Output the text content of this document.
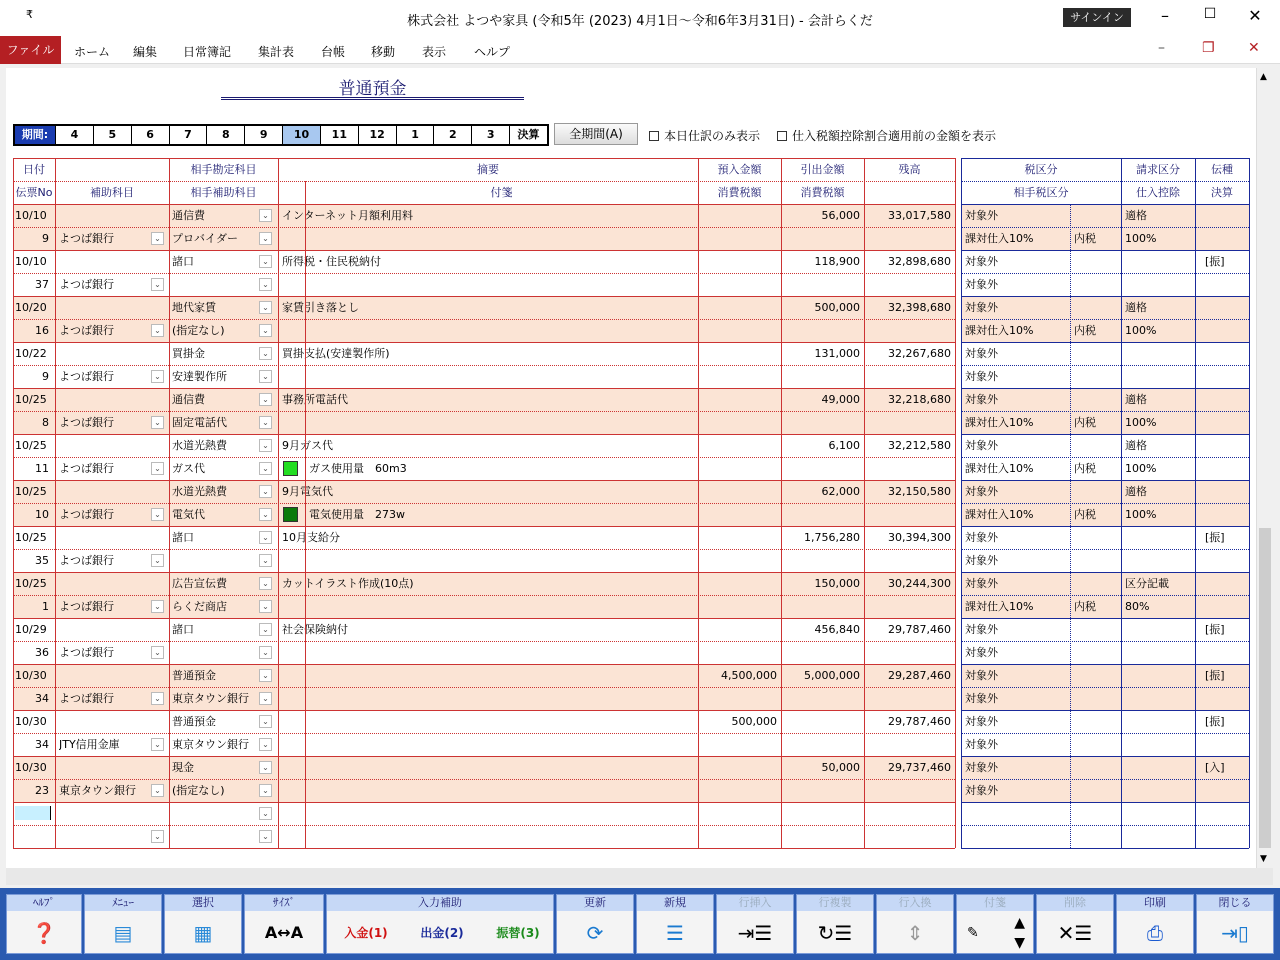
₹	株式会社 よつや家具 (令和5年 (2023) 4月1日～令和6年3月31日) - 会計らくだ	サインイン	–	☐	✕
ファイル	ホーム 編集 日常簿記 集計表 台帳 移動 表示 ヘルプ	–	❐ ✕
普通預金
期間:	4	5	6	7	8	9	10	11	12	1	2	3	決算	全期間(A)	本日仕訳のみ表示	仕入税額控除割合適用前の金額を表示
日付
伝票No	補助科目
相手勘定科目
相手補助科目
摘要
付箋
預入金額
消費税額
引出金額
消費税額
残高	税区分
相手税区分
請求区分
仕入控除
伝種
決算
10/10
9 よつば銀行
通信費
プロバイダー
インターネット月額利用料	56,000	33,017,580	対象外
課対仕入10%	内税
適格
100%
⌄
⌄
⌄
10/10
37 よつば銀行
諸口	所得税・住民税納付	118,900	32,898,680	対象外
対象外
[振]
⌄
⌄
⌄
10/20
16 よつば銀行
地代家賃
(指定なし)
家賃引き落とし	500,000	32,398,680	対象外
課対仕入10%	内税
適格
100%
⌄
⌄
⌄
10/22
9 よつば銀行
買掛金
安達製作所
買掛支払(安達製作所)	131,000	32,267,680	対象外
対象外
⌄
⌄
⌄
10/25
8 よつば銀行
通信費
固定電話代
事務所電話代	49,000	32,218,680	対象外
課対仕入10%	内税
適格
100%
⌄
⌄
⌄
10/25
11 よつば銀行
水道光熱費
ガス代
9月ガス代
ガス使用量　60m3
6,100	32,212,580	対象外
課対仕入10%	内税
適格
100%
⌄
⌄
⌄
10/25
10 よつば銀行
水道光熱費
電気代
9月電気代
電気使用量　273w
62,000	32,150,580	対象外
課対仕入10%	内税
適格
100%
⌄
⌄
⌄
10/25
35 よつば銀行
諸口	10月支給分	1,756,280	30,394,300	対象外
対象外
[振]
⌄
⌄
⌄
10/25
1 よつば銀行
広告宣伝費
らくだ商店
カットイラスト作成(10点)	150,000	30,244,300	対象外
課対仕入10%	内税
区分記載
80%
⌄
⌄
⌄
10/29
36 よつば銀行
諸口	社会保険納付	456,840	29,787,460	対象外
対象外
[振]
⌄
⌄
⌄
10/30
34 よつば銀行
普通預金
東京タウン銀行
4,500,000	5,000,000	29,287,460	対象外
対象外
[振]
⌄
⌄
⌄
10/30
34 JTY信用金庫
普通預金
東京タウン銀行
500,000	29,787,460	対象外
対象外
[振]
⌄
⌄
⌄
10/30
23 東京タウン銀行
現金
(指定なし)
50,000	29,737,460	対象外
対象外
[入]
⌄
⌄
⌄
⌄
⌄
⌄
▲
▼
ﾍﾙﾌﾟ
❓
ﾒﾆｭｰ
▤
選択
▦
ｻｲｽﾞ
A↔A
入力補助
入金(1)	出金(2)	振替(3)
更新
⟳
新規
☰
行挿入
⇥☰
行複製
↻☰
行入換
⇕
付箋
✎
▲
▼
削除
✕☰
印刷
⎙
閉じる
⇥▯
